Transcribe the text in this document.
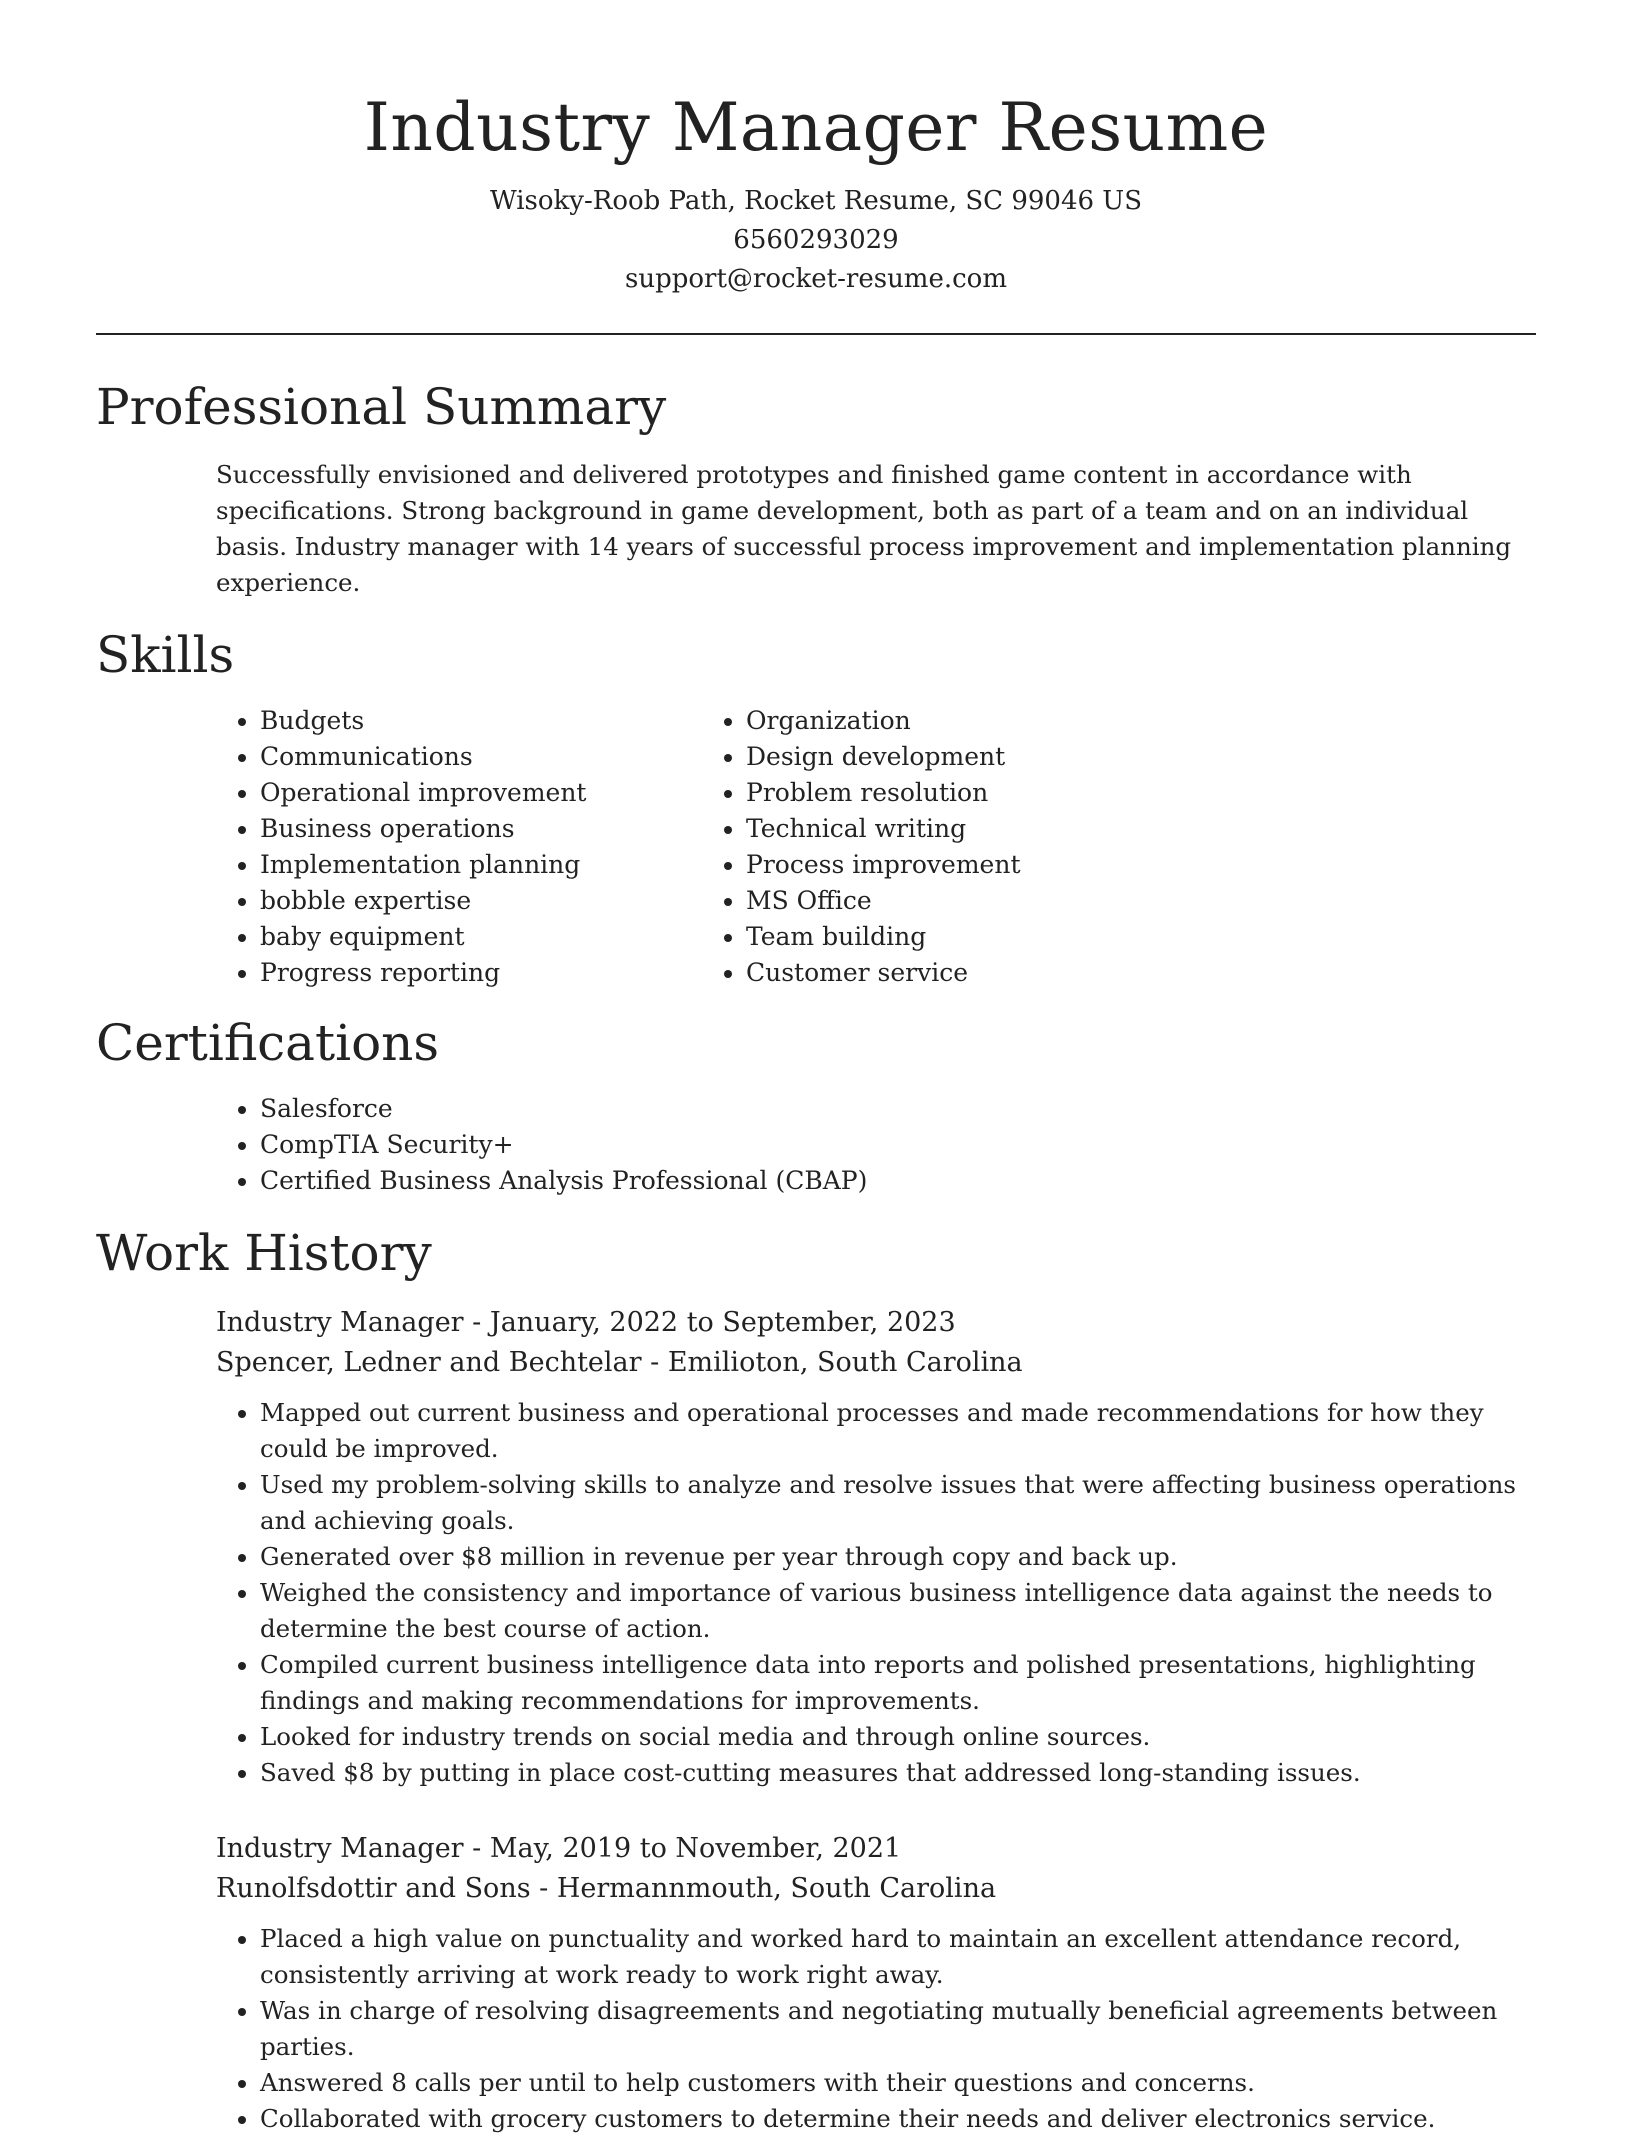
Industry Manager Resume

Wisoky-Roob Path, Rocket Resume, SC 99046 US

6560293029

support@rocket-resume.com

Professional Summary

Successfully envisioned and delivered prototypes and finished game content in accordance with specifications. Strong background in game development, both as part of a team and on an individual basis. Industry manager with 14 years of successful process improvement and implementation planning experience.

Skills
• Budgets
• Communications
• Operational improvement
• Business operations
• Implementation planning
• bobble expertise
• baby equipment
• Progress reporting
• Organization
• Design development
• Problem resolution
• Technical writing
• Process improvement
• MS Office
• Team building
• Customer service
Certifications
• Salesforce
• CompTIA Security+
• Certified Business Analysis Professional (CBAP)
Work History

Industry Manager - January, 2022 to September, 2023

Spencer, Ledner and Bechtelar - Emilioton, South Carolina

• Mapped out current business and operational processes and made recommendations for how they could be improved.
• Used my problem-solving skills to analyze and resolve issues that were affecting business operations and achieving goals.
• Generated over $8 million in revenue per year through copy and back up.
• Weighed the consistency and importance of various business intelligence data against the needs to determine the best course of action.
• Compiled current business intelligence data into reports and polished presentations, highlighting findings and making recommendations for improvements.
• Looked for industry trends on social media and through online sources.
• Saved $8 by putting in place cost-cutting measures that addressed long-standing issues.

Industry Manager - May, 2019 to November, 2021

Runolfsdottir and Sons - Hermannmouth, South Carolina

• Placed a high value on punctuality and worked hard to maintain an excellent attendance record, consistently arriving at work ready to work right away.
• Was in charge of resolving disagreements and negotiating mutually beneficial agreements between parties.
• Answered 8 calls per until to help customers with their questions and concerns.
• Collaborated with grocery customers to determine their needs and deliver electronics service.
